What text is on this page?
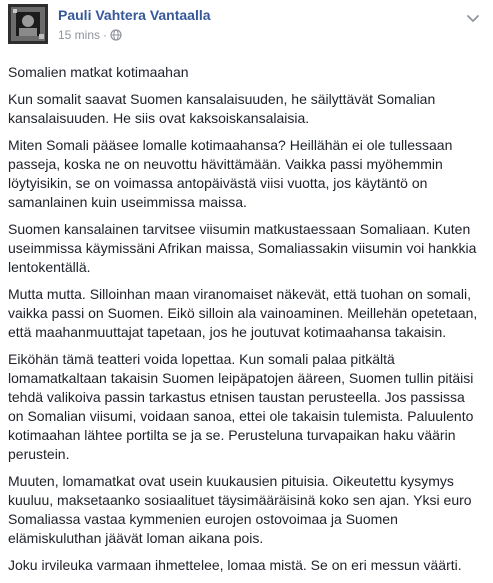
Pauli Vahtera Vantaalla
15 mins ·

Somalien matkat kotimaahan

Kun somalit saavat Suomen kansalaisuuden, he säilyttävät Somalian kansalaisuuden. He siis ovat kaksoiskansalaisia.

Miten Somali pääsee lomalle kotimaahansa? Heillähän ei ole tullessaan passeja, koska ne on neuvottu hävittämään. Vaikka passi myöhemmin löytyisikin, se on voimassa antopäivästä viisi vuotta, jos käytäntö on samanlainen kuin useimmissa maissa.

Suomen kansalainen tarvitsee viisumin matkustaessaan Somaliaan. Kuten useimmissa käymissäni Afrikan maissa, Somaliassakin viisumin voi hankkia lentokentällä.

Mutta mutta. Silloinhan maan viranomaiset näkevät, että tuohan on somali, vaikka passi on Suomen. Eikö silloin ala vainoaminen. Meillehän opetetaan, että maahanmuuttajat tapetaan, jos he joutuvat kotimaahansa takaisin.

Eiköhän tämä teatteri voida lopettaa. Kun somali palaa pitkältä lomamatkaltaan takaisin Suomen leipäpatojen ääreen, Suomen tullin pitäisi tehdä valikoiva passin tarkastus etnisen taustan perusteella. Jos passissa on Somalian viisumi, voidaan sanoa, ettei ole takaisin tulemista. Paluulento kotimaahan lähtee portilta se ja se. Perusteluna turvapaikan haku väärin perustein.

Muuten, lomamatkat ovat usein kuukausien pituisia. Oikeutettu kysymys kuuluu, maksetaanko sosiaalituet täysimääräisinä koko sen ajan. Yksi euro Somaliassa vastaa kymmenien eurojen ostovoimaa ja Suomen elämiskuluthan jäävät loman aikana pois.

Joku irvileuka varmaan ihmettelee, lomaa mistä. Se on eri messun väärti.
